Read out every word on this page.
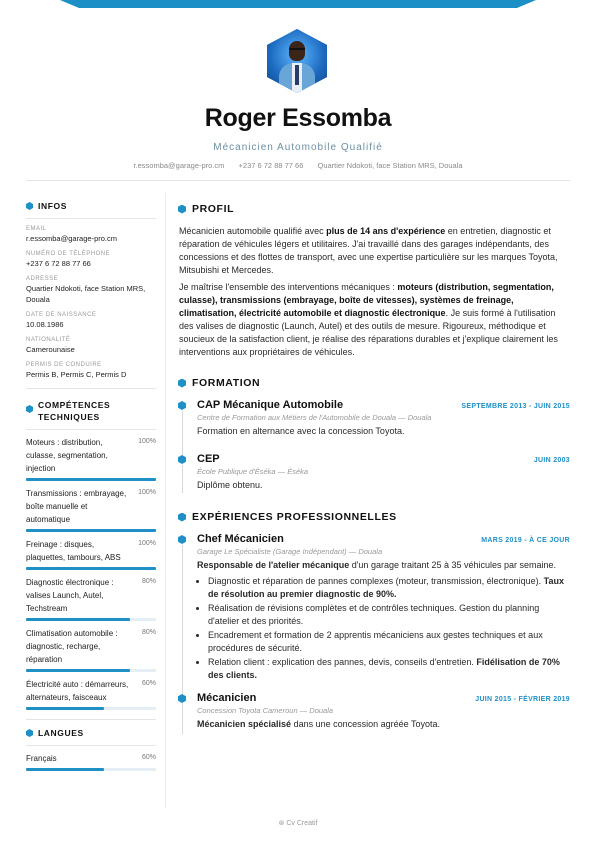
Roger Essomba
Mécanicien Automobile Qualifié
r.essomba@garage-pro.cm +237 6 72 88 77 66 Quartier Ndokoti, face Station MRS, Douala
INFOS
EMAIL
r.essomba@garage-pro.cm
NUMÉRO DE TÉLÉPHONE
+237 6 72 88 77 66
ADRESSE
Quartier Ndokoti, face Station MRS, Douala
DATE DE NAISSANCE
10.08.1986
NATIONALITÉ
Camerounaise
PERMIS DE CONDUIRE
Permis B, Permis C, Permis D
COMPÉTENCES TECHNIQUES
Moteurs : distribution, culasse, segmentation, injection
100%
Transmissions : embrayage, boîte manuelle et automatique
100%
Freinage : disques, plaquettes, tambours, ABS
100%
Diagnostic électronique : valises Launch, Autel, Techstream
80%
Climatisation automobile : diagnostic, recharge, réparation
80%
Électricité auto : démarreurs, alternateurs, faisceaux
60%
LANGUES
Français	60%
PROFIL
Mécanicien automobile qualifié avec plus de 14 ans d'expérience en entretien, diagnostic et réparation de véhicules légers et utilitaires. J'ai travaillé dans des garages indépendants, des concessions et des flottes de transport, avec une expertise particulière sur les marques Toyota, Mitsubishi et Mercedes.
Je maîtrise l'ensemble des interventions mécaniques : moteurs (distribution, segmentation, culasse), transmissions (embrayage, boîte de vitesses), systèmes de freinage, climatisation, électricité automobile et diagnostic électronique. Je suis formé à l'utilisation des valises de diagnostic (Launch, Autel) et des outils de mesure. Rigoureux, méthodique et soucieux de la satisfaction client, je réalise des réparations durables et j'explique clairement les interventions aux propriétaires de véhicules.
FORMATION
CAP Mécanique Automobile	SEPTEMBRE 2013 - JUIN 2015
Centre de Formation aux Métiers de l'Automobile de Douala — Douala
Formation en alternance avec la concession Toyota.
CEP	JUIN 2003
École Publique d'Éséka — Éséka
Diplôme obtenu.
EXPÉRIENCES PROFESSIONNELLES
Chef Mécanicien	MARS 2019 - À CE JOUR
Garage Le Spécialiste (Garage Indépendant) — Douala
Responsable de l'atelier mécanique d'un garage traitant 25 à 35 véhicules par semaine.
• Diagnostic et réparation de pannes complexes (moteur, transmission, électronique). Taux de résolution au premier diagnostic de 90%.
• Réalisation de révisions complètes et de contrôles techniques. Gestion du planning d'atelier et des priorités.
• Encadrement et formation de 2 apprentis mécaniciens aux gestes techniques et aux procédures de sécurité.
• Relation client : explication des pannes, devis, conseils d'entretien. Fidélisation de 70% des clients.
Mécanicien	JUIN 2015 - FÉVRIER 2019
Concession Toyota Cameroun — Douala
Mécanicien spécialisé dans une concession agréée Toyota.
⊛ Cv Creatif
